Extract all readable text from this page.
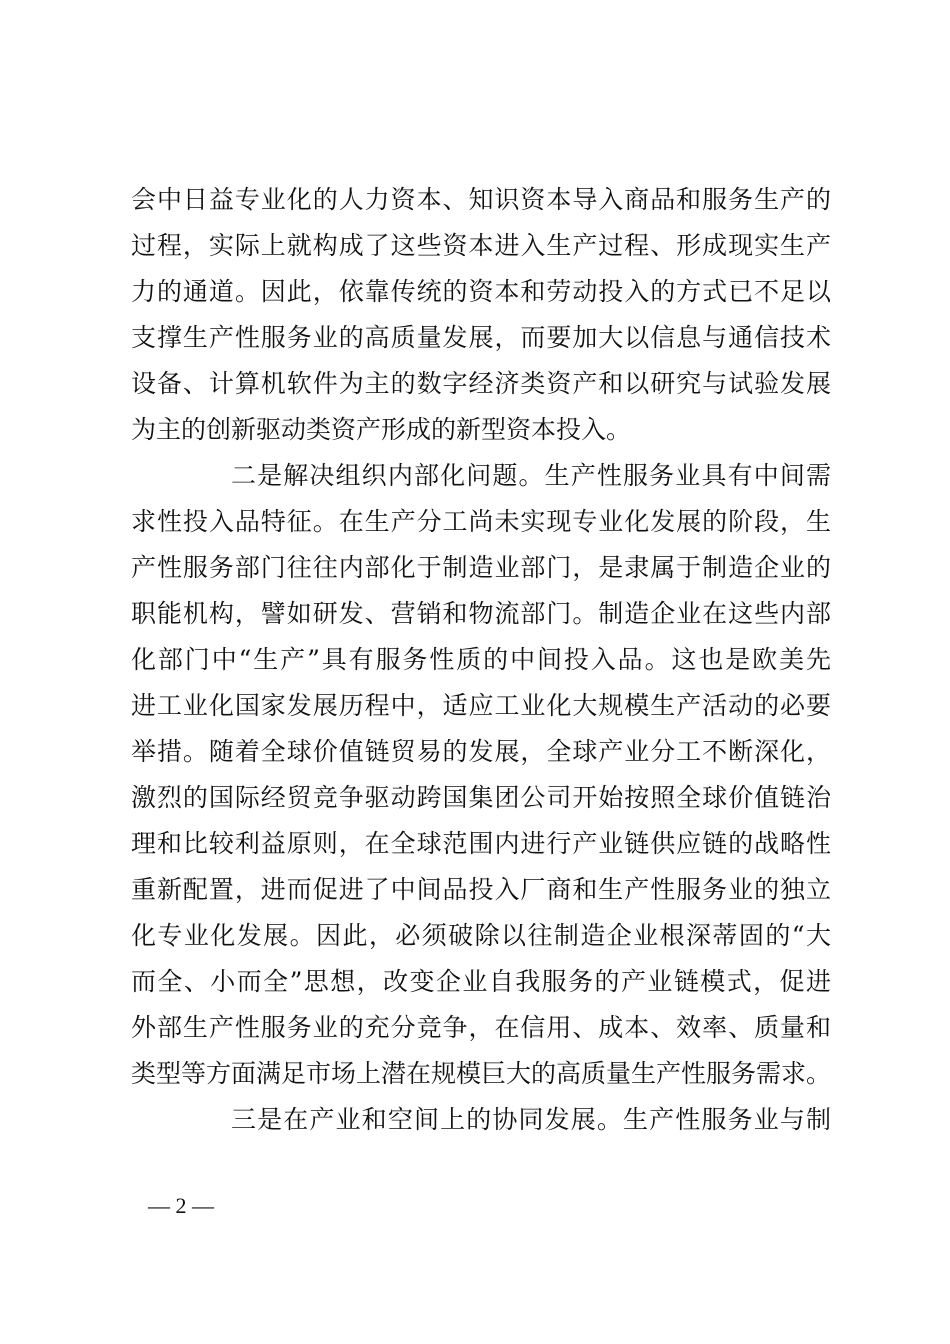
会中日益专业化的人力资本、知识资本导入商品和服务生产的
过程，实际上就构成了这些资本进入生产过程、形成现实生产
力的通道。因此，依靠传统的资本和劳动投入的方式已不足以
支撑生产性服务业的高质量发展，而要加大以信息与通信技术
设备、计算机软件为主的数字经济类资产和以研究与试验发展
为主的创新驱动类资产形成的新型资本投入。
二是解决组织内部化问题。生产性服务业具有中间需
求性投入品特征。在生产分工尚未实现专业化发展的阶段，生
产性服务部门往往内部化于制造业部门，是隶属于制造企业的
职能机构，譬如研发、营销和物流部门。制造企业在这些内部
化部门中“生产”具有服务性质的中间投入品。这也是欧美先
进工业化国家发展历程中，适应工业化大规模生产活动的必要
举措。随着全球价值链贸易的发展，全球产业分工不断深化，
激烈的国际经贸竞争驱动跨国集团公司开始按照全球价值链治
理和比较利益原则，在全球范围内进行产业链供应链的战略性
重新配置，进而促进了中间品投入厂商和生产性服务业的独立
化专业化发展。因此，必须破除以往制造企业根深蒂固的“大
而全、小而全”思想，改变企业自我服务的产业链模式，促进
外部生产性服务业的充分竞争，在信用、成本、效率、质量和
类型等方面满足市场上潜在规模巨大的高质量生产性服务需求。
三是在产业和空间上的协同发展。生产性服务业与制
— 2 —
